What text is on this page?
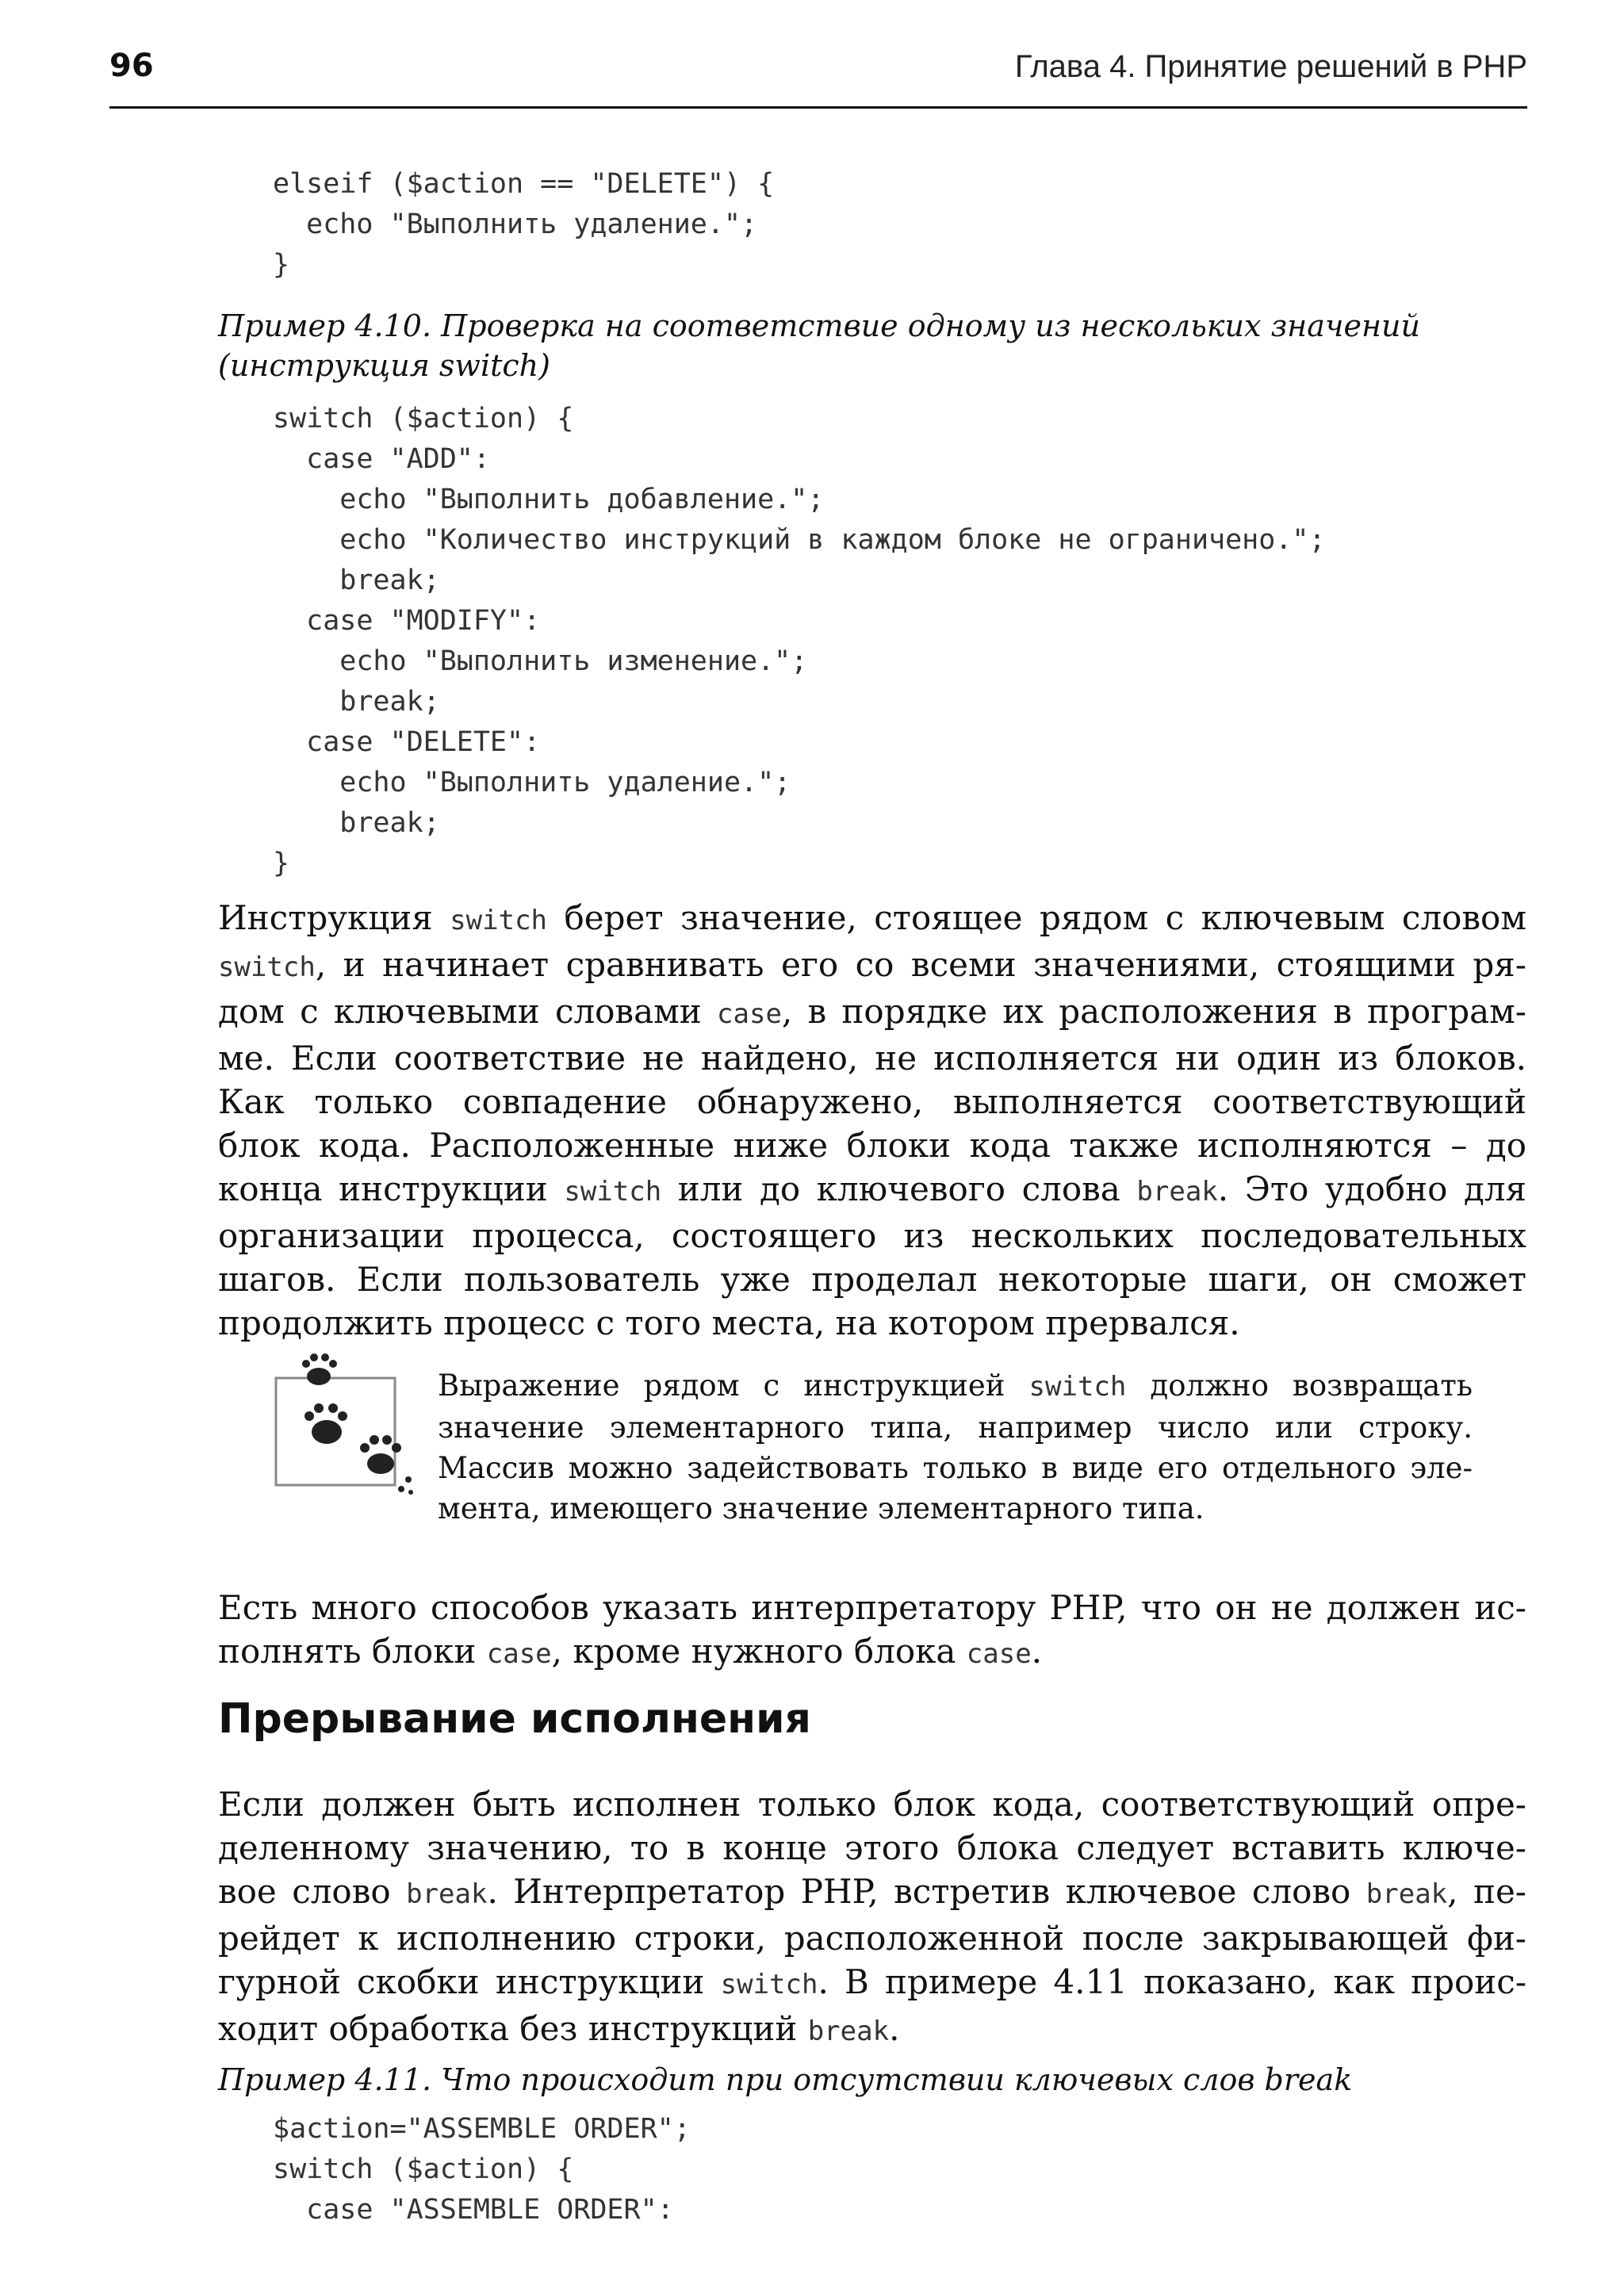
96	Глава 4. Принятие решений в PHP
elseif ($action == "DELETE") {
echo "Выполнить удаление.";
}
Пример 4.10. Проверка на соответствие одному из нескольких значений
(инструкция switch)
switch ($action) {
case "ADD":
echo "Выполнить добавление.";
echo "Количество инструкций в каждом блоке не ограничено.";
break;
case "MODIFY":
echo "Выполнить изменение.";
break;
case "DELETE":
echo "Выполнить удаление.";
break;
}
Инструкция switch берет значение, стоящее рядом с ключевым словом
switch, и начинает сравнивать его со всеми значениями, стоящими ря-
дом с ключевыми словами case, в порядке их расположения в програм-
ме. Если соответствие не найдено, не исполняется ни один из блоков.
Как только совпадение обнаружено, выполняется соответствующий
блок кода. Расположенные ниже блоки кода также исполняются – до
конца инструкции switch или до ключевого слова break. Это удобно для
организации процесса, состоящего из нескольких последовательных
шагов. Если пользователь уже проделал некоторые шаги, он сможет
продолжить процесс с того места, на котором прервался.
Выражение рядом с инструкцией switch должно возвращать
значение элементарного типа, например число или строку.
Массив можно задействовать только в виде его отдельного эле-
мента, имеющего значение элементарного типа.
Есть много способов указать интерпретатору PHP, что он не должен ис-
полнять блоки case, кроме нужного блока case.
Прерывание исполнения
Если должен быть исполнен только блок кода, соответствующий опре-
деленному значению, то в конце этого блока следует вставить ключе-
вое слово break. Интерпретатор PHP, встретив ключевое слово break, пе-
рейдет к исполнению строки, расположенной после закрывающей фи-
гурной скобки инструкции switch. В примере 4.11 показано, как проис-
ходит обработка без инструкций break.
Пример 4.11. Что происходит при отсутствии ключевых слов break
$action="ASSEMBLE ORDER";
switch ($action) {
case "ASSEMBLE ORDER":
